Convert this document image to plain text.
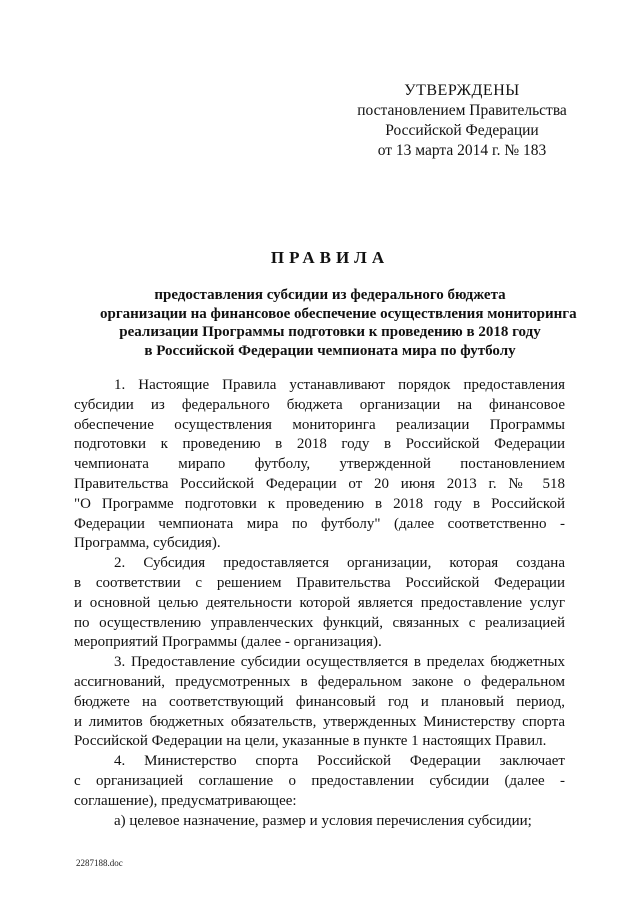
УТВЕРЖДЕНЫ
постановлением Правительства
Российской Федерации
от 13 марта 2014 г. № 183
ПРАВИЛА
предоставления субсидии из федерального бюджета
организации на финансовое обеспечение осуществления мониторинга
реализации Программы подготовки к проведению в 2018 году
в Российской Федерации чемпионата мира по футболу
1. Настоящие Правила устанавливают порядок предоставления
субсидии из федерального бюджета организации на финансовое
обеспечение осуществления мониторинга реализации Программы
подготовки к проведению в 2018 году в Российской Федерации
чемпионата мирапо футболу, утвержденной постановлением
Правительства Российской Федерации от 20 июня 2013 г. № 518
"О Программе подготовки к проведению в 2018 году в Российской
Федерации чемпионата мира по футболу" (далее соответственно -
Программа, субсидия).
2. Субсидия предоставляется организации, которая создана
в соответствии с решением Правительства Российской Федерации
и основной целью деятельности которой является предоставление услуг
по осуществлению управленческих функций, связанных с реализацией
мероприятий Программы (далее - организация).
3. Предоставление субсидии осуществляется в пределах бюджетных
ассигнований, предусмотренных в федеральном законе о федеральном
бюджете на соответствующий финансовый год и плановый период,
и лимитов бюджетных обязательств, утвержденных Министерству спорта
Российской Федерации на цели, указанные в пункте 1 настоящих Правил.
4. Министерство спорта Российской Федерации заключает
с организацией соглашение о предоставлении субсидии (далее -
соглашение), предусматривающее:
а) целевое назначение, размер и условия перечисления субсидии;
2287188.doc
